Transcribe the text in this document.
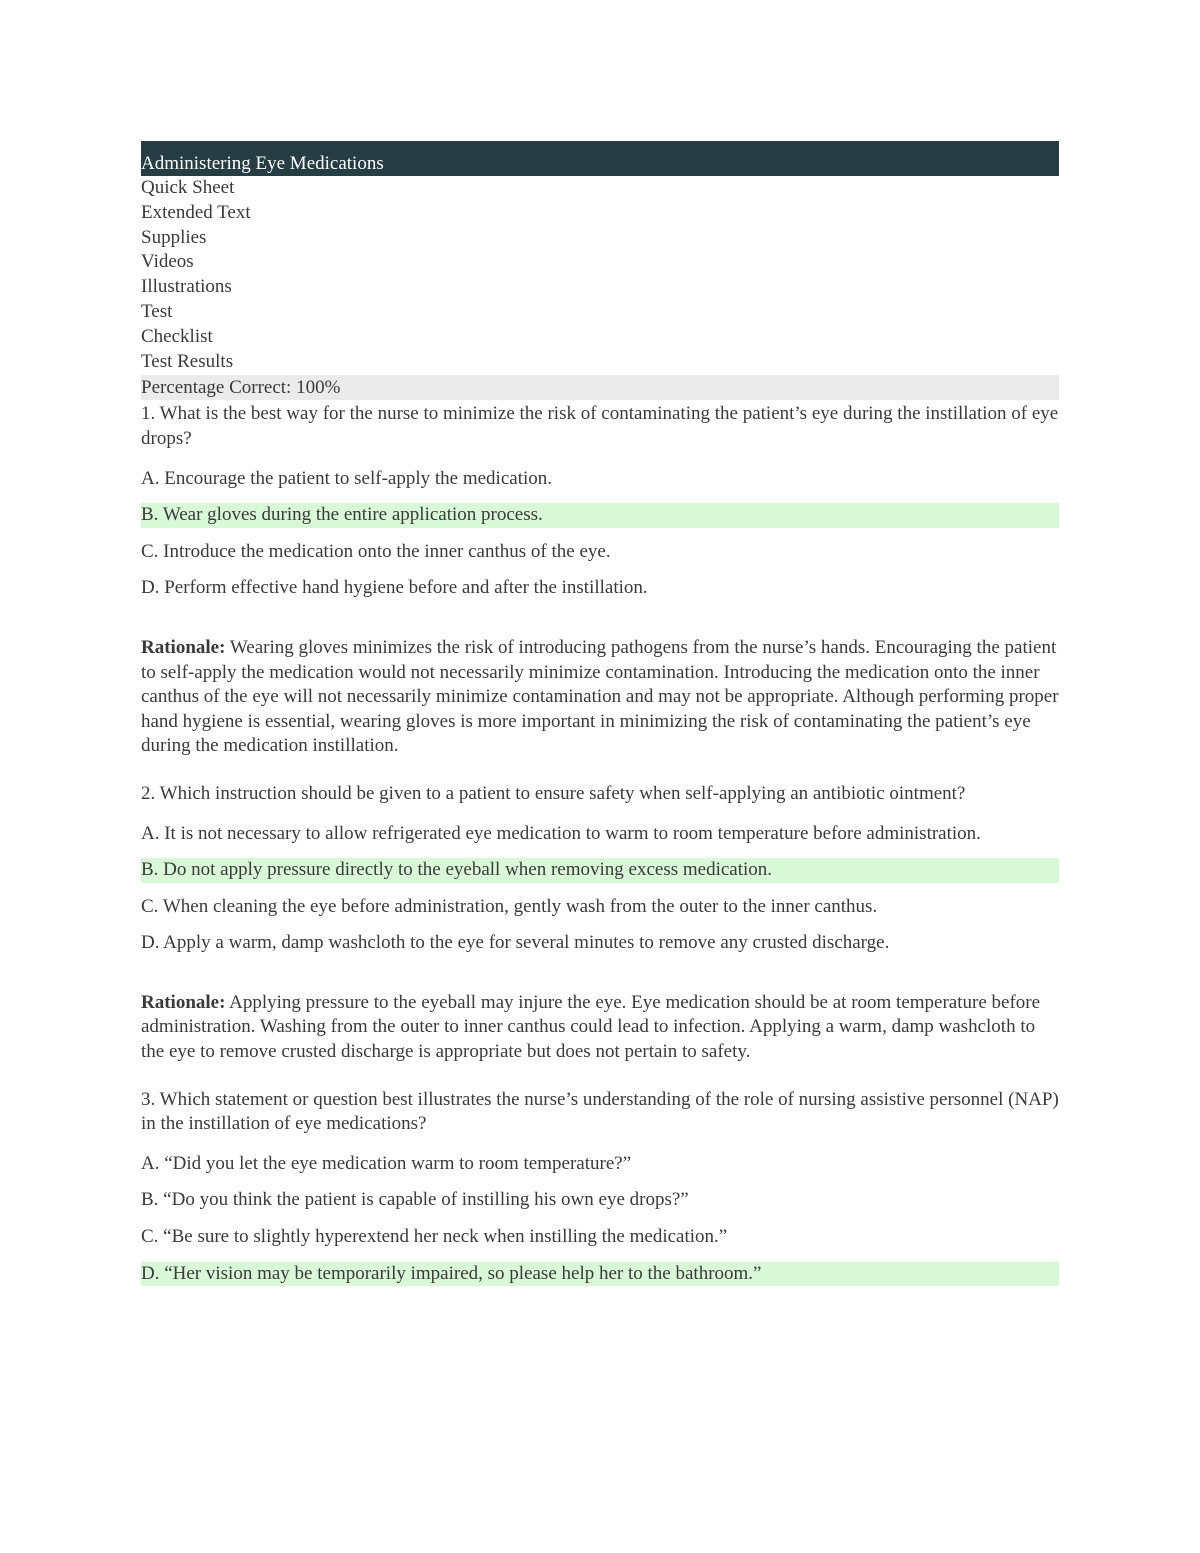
Administering Eye Medications
Quick Sheet
Extended Text
Supplies
Videos
Illustrations
Test
Checklist
Test Results
Percentage Correct: 100%

1. What is the best way for the nurse to minimize the risk of contaminating the patient’s eye during the instillation of eye drops?

A. Encourage the patient to self-apply the medication.
B. Wear gloves during the entire application process.
C. Introduce the medication onto the inner canthus of the eye.
D. Perform effective hand hygiene before and after the instillation.

Rationale: Wearing gloves minimizes the risk of introducing pathogens from the nurse’s hands. Encouraging the patient to self-apply the medication would not necessarily minimize contamination. Introducing the medication onto the inner canthus of the eye will not necessarily minimize contamination and may not be appropriate. Although performing proper hand hygiene is essential, wearing gloves is more important in minimizing the risk of contaminating the patient’s eye during the medication instillation.

2. Which instruction should be given to a patient to ensure safety when self-applying an antibiotic ointment?

A. It is not necessary to allow refrigerated eye medication to warm to room temperature before administration.
B. Do not apply pressure directly to the eyeball when removing excess medication.
C. When cleaning the eye before administration, gently wash from the outer to the inner canthus.
D. Apply a warm, damp washcloth to the eye for several minutes to remove any crusted discharge.

Rationale: Applying pressure to the eyeball may injure the eye. Eye medication should be at room temperature before administration. Washing from the outer to inner canthus could lead to infection. Applying a warm, damp washcloth to the eye to remove crusted discharge is appropriate but does not pertain to safety.

3. Which statement or question best illustrates the nurse’s understanding of the role of nursing assistive personnel (NAP) in the instillation of eye medications?

A. “Did you let the eye medication warm to room temperature?”
B. “Do you think the patient is capable of instilling his own eye drops?”
C. “Be sure to slightly hyperextend her neck when instilling the medication.”
D. “Her vision may be temporarily impaired, so please help her to the bathroom.”
